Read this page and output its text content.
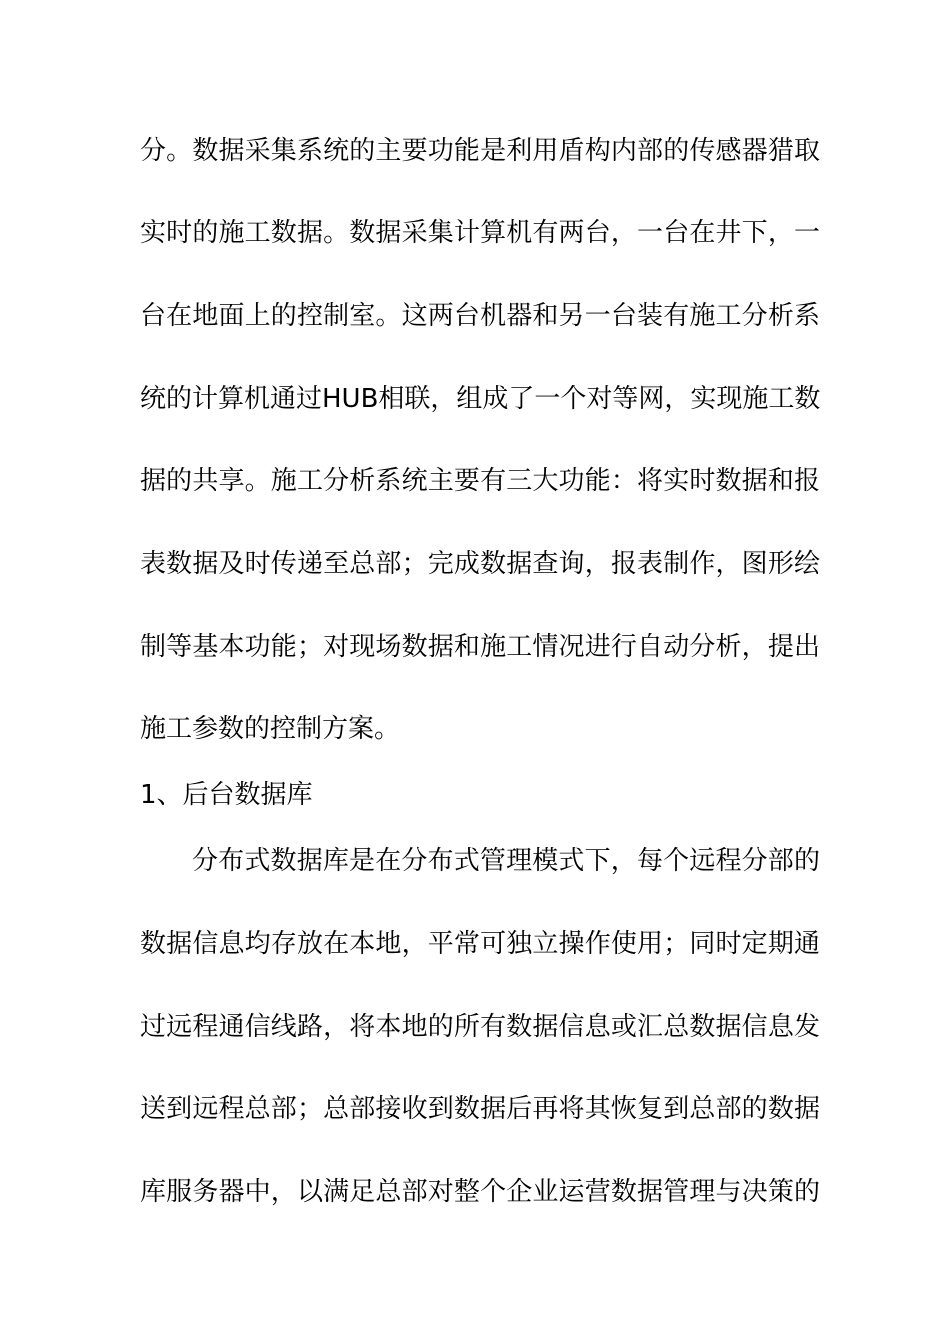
分。数据采集系统的主要功能是利用盾构内部的传感器猎取
实时的施工数据。数据采集计算机有两台，一台在井下，一
台在地面上的控制室。这两台机器和另一台装有施工分析系
统的计算机通过HUB相联，组成了一个对等网，实现施工数
据的共享。施工分析系统主要有三大功能：将实时数据和报
表数据及时传递至总部；完成数据查询，报表制作，图形绘
制等基本功能；对现场数据和施工情况进行自动分析，提出
施工参数的控制方案。
1、后台数据库
分布式数据库是在分布式管理模式下，每个远程分部的
数据信息均存放在本地，平常可独立操作使用；同时定期通
过远程通信线路，将本地的所有数据信息或汇总数据信息发
送到远程总部；总部接收到数据后再将其恢复到总部的数据
库服务器中，以满足总部对整个企业运营数据管理与决策的
